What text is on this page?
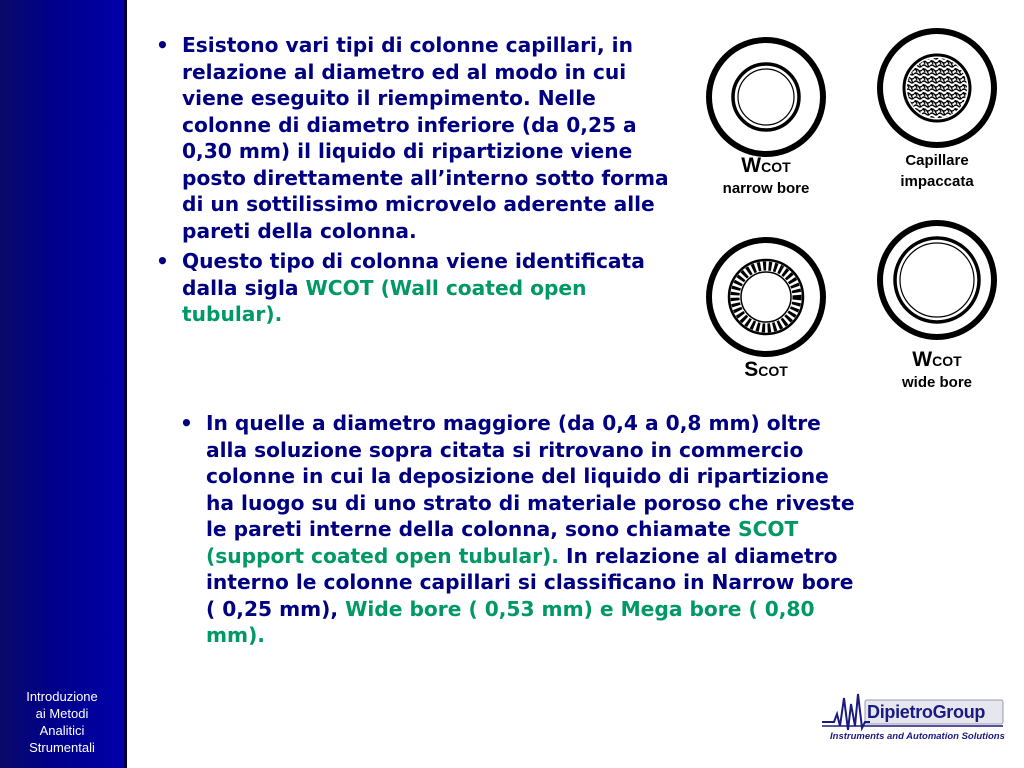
Introduzione
ai Metodi
Analitici
Strumentali
• Esistono vari tipi di colonne capillari, in relazione al diametro ed al modo in cui viene eseguito il riempimento. Nelle colonne di diametro inferiore (da 0,25 a 0,30 mm) il liquido di ripartizione viene posto direttamente all’interno sotto forma di un sottilissimo microvelo aderente alle pareti della colonna.
• Questo tipo di colonna viene identificata dalla sigla WCOT (Wall coated open tubular).
WCOT
narrow bore
Capillare
impaccata
SCOT	WCOT
wide bore
• In quelle a diametro maggiore (da 0,4 a 0,8 mm) oltre alla soluzione sopra citata si ritrovano in commercio colonne in cui la deposizione del liquido di ripartizione ha luogo su di uno strato di materiale poroso che riveste le pareti interne della colonna, sono chiamate SCOT (support coated open tubular). In relazione al diametro interno le colonne capillari si classificano in Narrow bore ( 0,25 mm), Wide bore ( 0,53 mm) e Mega bore ( 0,80 mm).
DipietroGroup
Instruments and Automation Solutions
